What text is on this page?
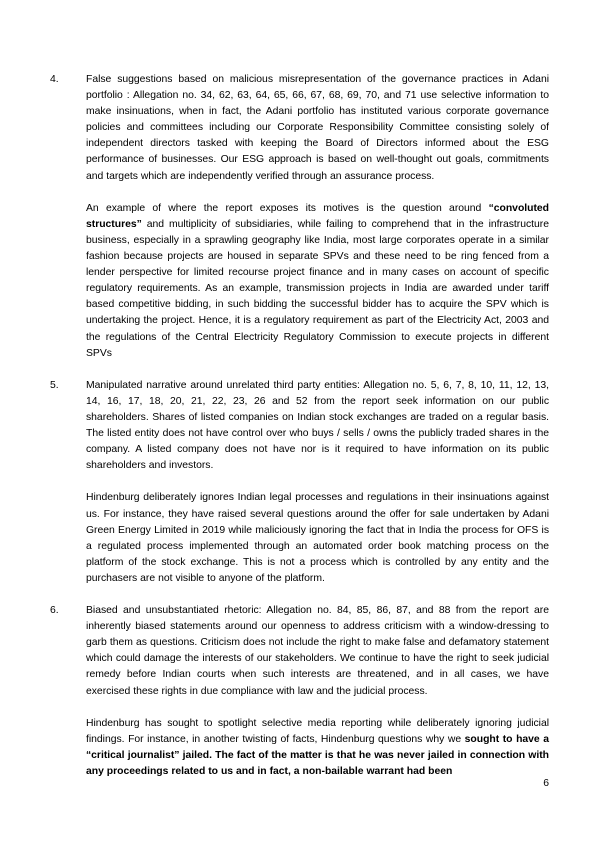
4.	False suggestions based on malicious misrepresentation of the governance practices in Adani portfolio : Allegation no. 34, 62, 63, 64, 65, 66, 67, 68, 69, 70, and 71 use selective information to make insinuations, when in fact, the Adani portfolio has instituted various corporate governance policies and committees including our Corporate Responsibility Committee consisting solely of independent directors tasked with keeping the Board of Directors informed about the ESG performance of businesses. Our ESG approach is based on well-thought out goals, commitments and targets which are independently verified through an assurance process.

An example of where the report exposes its motives is the question around “convoluted structures” and multiplicity of subsidiaries, while failing to comprehend that in the infrastructure business, especially in a sprawling geography like India, most large corporates operate in a similar fashion because projects are housed in separate SPVs and these need to be ring fenced from a lender perspective for limited recourse project finance and in many cases on account of specific regulatory requirements. As an example, transmission projects in India are awarded under tariff based competitive bidding, in such bidding the successful bidder has to acquire the SPV which is undertaking the project. Hence, it is a regulatory requirement as part of the Electricity Act, 2003 and the regulations of the Central Electricity Regulatory Commission to execute projects in different SPVs

5.	Manipulated narrative around unrelated third party entities: Allegation no. 5, 6, 7, 8, 10, 11, 12, 13, 14, 16, 17, 18, 20, 21, 22, 23, 26 and 52 from the report seek information on our public shareholders. Shares of listed companies on Indian stock exchanges are traded on a regular basis. The listed entity does not have control over who buys / sells / owns the publicly traded shares in the company. A listed company does not have nor is it required to have information on its public shareholders and investors.

Hindenburg deliberately ignores Indian legal processes and regulations in their insinuations against us. For instance, they have raised several questions around the offer for sale undertaken by Adani Green Energy Limited in 2019 while maliciously ignoring the fact that in India the process for OFS is a regulated process implemented through an automated order book matching process on the platform of the stock exchange. This is not a process which is controlled by any entity and the purchasers are not visible to anyone of the platform.

6.	Biased and unsubstantiated rhetoric: Allegation no. 84, 85, 86, 87, and 88 from the report are inherently biased statements around our openness to address criticism with a window-dressing to garb them as questions. Criticism does not include the right to make false and defamatory statement which could damage the interests of our stakeholders. We continue to have the right to seek judicial remedy before Indian courts when such interests are threatened, and in all cases, we have exercised these rights in due compliance with law and the judicial process.

Hindenburg has sought to spotlight selective media reporting while deliberately ignoring judicial findings. For instance, in another twisting of facts, Hindenburg questions why we sought to have a “critical journalist” jailed. The fact of the matter is that he was never jailed in connection with any proceedings related to us and in fact, a non-bailable warrant had been

6
